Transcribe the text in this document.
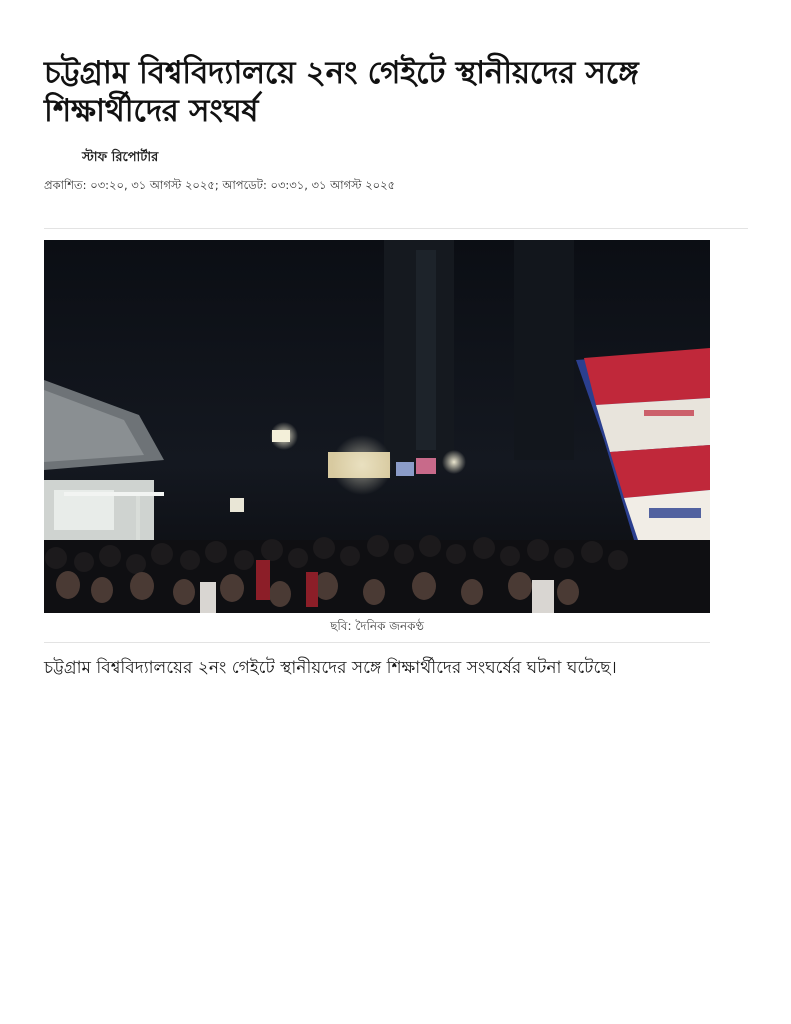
চট্টগ্রাম বিশ্ববিদ্যালয়ে ২নং গেইটে স্থানীয়দের সঙ্গে শিক্ষার্থীদের সংঘর্ষ
স্টাফ রিপোর্টার
প্রকাশিত: ০৩:২০, ৩১ আগস্ট ২০২৫; আপডেট: ০৩:৩১, ৩১ আগস্ট ২০২৫
ছবি: দৈনিক জনকণ্ঠ

চট্টগ্রাম বিশ্ববিদ্যালয়ের ২নং গেইটে স্থানীয়দের সঙ্গে শিক্ষার্থীদের সংঘর্ষের ঘটনা ঘটেছে।
